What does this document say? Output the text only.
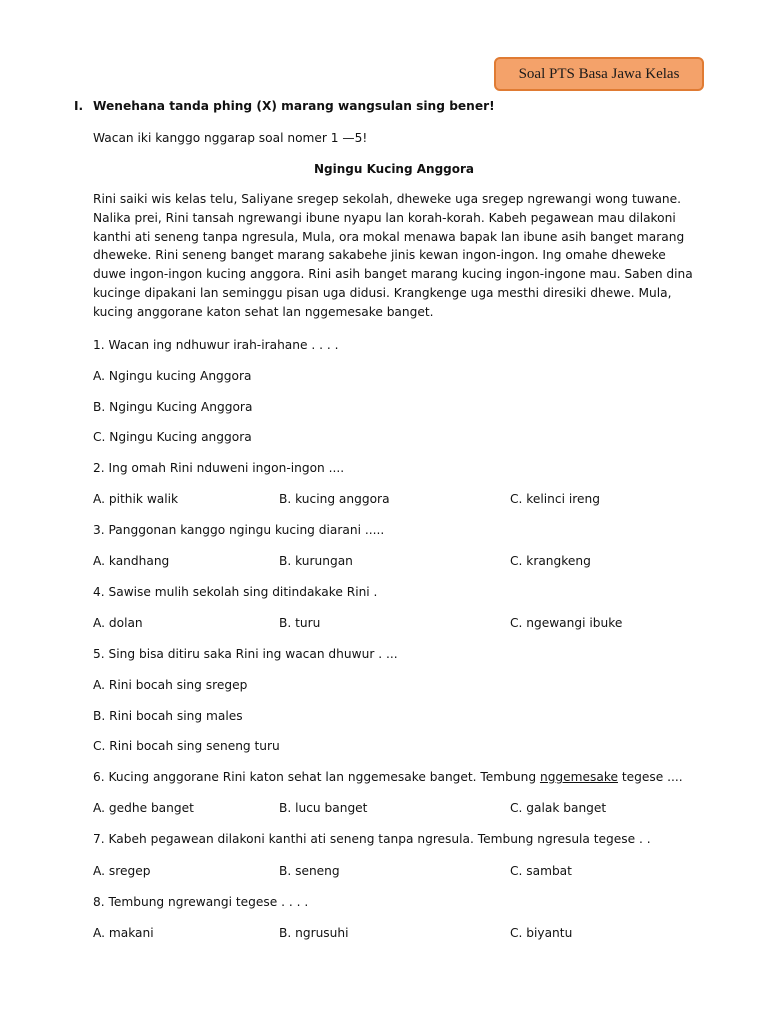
Soal PTS Basa Jawa Kelas
I. Wenehana tanda phing (X) marang wangsulan sing bener!
Wacan iki kanggo nggarap soal nomer 1 —5!
Ngingu Kucing Anggora

Rini saiki wis kelas telu, Saliyane sregep sekolah, dheweke uga sregep ngrewangi wong tuwane. Nalika prei, Rini tansah ngrewangi ibune nyapu lan korah-korah. Kabeh pegawean mau dilakoni kanthi ati seneng tanpa ngresula, Mula, ora mokal menawa bapak lan ibune asih banget marang dheweke. Rini seneng banget marang sakabehe jinis kewan ingon-ingon. Ing omahe dheweke duwe ingon-ingon kucing anggora. Rini asih banget marang kucing ingon-ingone mau. Saben dina kucinge dipakani lan seminggu pisan uga didusi. Krangkenge uga mesthi diresiki dhewe. Mula, kucing anggorane katon sehat lan nggemesake banget.

1. Wacan ing ndhuwur irah-irahane . . . .
A. Ngingu kucing Anggora
B. Ngingu Kucing Anggora
C. Ngingu Kucing anggora
2. Ing omah Rini nduweni ingon-ingon ....
A. pithik walik	B. kucing anggora	C. kelinci ireng
3. Panggonan kanggo ngingu kucing diarani .....
A. kandhang	B. kurungan	C. krangkeng
4. Sawise mulih sekolah sing ditindakake Rini .
A. dolan	B. turu	C. ngewangi ibuke
5. Sing bisa ditiru saka Rini ing wacan dhuwur . ...
A. Rini bocah sing sregep
B. Rini bocah sing males
C. Rini bocah sing seneng turu
6. Kucing anggorane Rini katon sehat lan nggemesake banget. Tembung nggemesake tegese ....
A. gedhe banget	B. lucu banget	C. galak banget
7. Kabeh pegawean dilakoni kanthi ati seneng tanpa ngresula. Tembung ngresula tegese . .
A. sregep	B. seneng	C. sambat
8. Tembung ngrewangi tegese . . . .
A. makani	B. ngrusuhi	C. biyantu
